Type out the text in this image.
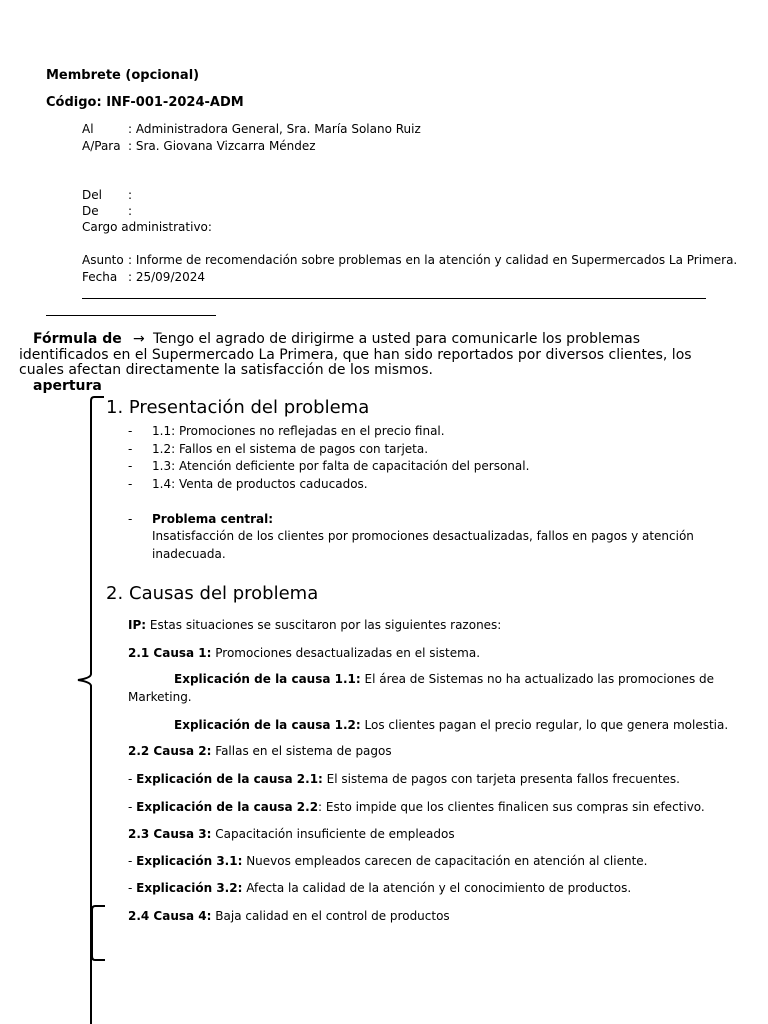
Membrete (opcional)
Código: INF-001-2024-ADM
Al	: Administradora General, Sra. María Solano Ruiz
A/Para : Sra. Giovana Vizcarra Méndez
Del :
De :
Cargo administrativo:
Asunto : Informe de recomendación sobre problemas en la atención y calidad en Supermercados La Primera.
Fecha : 25/09/2024
Fórmula de → Tengo el agrado de dirigirme a usted para comunicarle los problemas
identificados en el Supermercado La Primera, que han sido reportados por diversos clientes, los
cuales afectan directamente la satisfacción de los mismos.
apertura
1. Presentación del problema
- 1.1: Promociones no reflejadas en el precio final.
- 1.2: Fallos en el sistema de pagos con tarjeta.
- 1.3: Atención deficiente por falta de capacitación del personal.
- 1.4: Venta de productos caducados.
- Problema central:
Insatisfacción de los clientes por promociones desactualizadas, fallos en pagos y atención
inadecuada.
2. Causas del problema
IP: Estas situaciones se suscitaron por las siguientes razones:
2.1 Causa 1: Promociones desactualizadas en el sistema.
Explicación de la causa 1.1: El área de Sistemas no ha actualizado las promociones de
Marketing.
Explicación de la causa 1.2: Los clientes pagan el precio regular, lo que genera molestia.
2.2 Causa 2: Fallas en el sistema de pagos
- Explicación de la causa 2.1: El sistema de pagos con tarjeta presenta fallos frecuentes.
- Explicación de la causa 2.2: Esto impide que los clientes finalicen sus compras sin efectivo.
2.3 Causa 3: Capacitación insuficiente de empleados
- Explicación 3.1: Nuevos empleados carecen de capacitación en atención al cliente.
- Explicación 3.2: Afecta la calidad de la atención y el conocimiento de productos.
2.4 Causa 4: Baja calidad en el control de productos
